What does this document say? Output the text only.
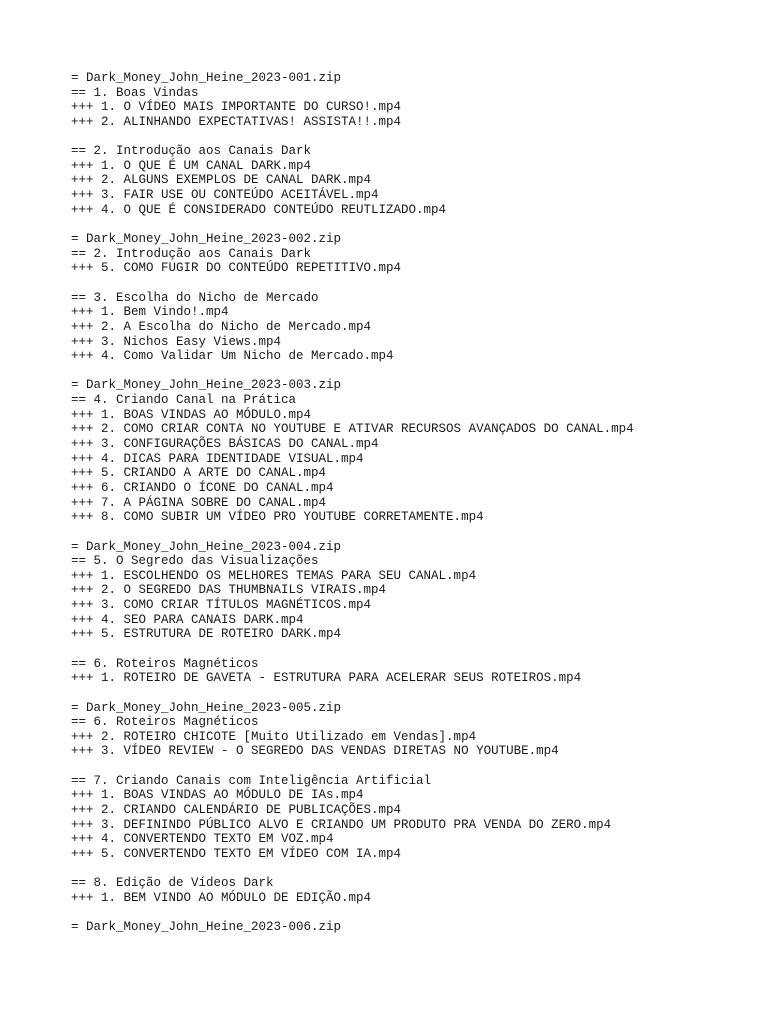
= Dark_Money_John_Heine_2023-001.zip
== 1. Boas Vindas
+++ 1. O VÍDEO MAIS IMPORTANTE DO CURSO!.mp4
+++ 2. ALINHANDO EXPECTATIVAS! ASSISTA!!.mp4
== 2. Introdução aos Canais Dark
+++ 1. O QUE É UM CANAL DARK.mp4
+++ 2. ALGUNS EXEMPLOS DE CANAL DARK.mp4
+++ 3. FAIR USE OU CONTEÚDO ACEITÁVEL.mp4
+++ 4. O QUE É CONSIDERADO CONTEÚDO REUTLIZADO.mp4
= Dark_Money_John_Heine_2023-002.zip
== 2. Introdução aos Canais Dark
+++ 5. COMO FUGIR DO CONTEÚDO REPETITIVO.mp4
== 3. Escolha do Nicho de Mercado
+++ 1. Bem Vindo!.mp4
+++ 2. A Escolha do Nicho de Mercado.mp4
+++ 3. Nichos Easy Views.mp4
+++ 4. Como Validar Um Nicho de Mercado.mp4
= Dark_Money_John_Heine_2023-003.zip
== 4. Criando Canal na Prática
+++ 1. BOAS VINDAS AO MÓDULO.mp4
+++ 2. COMO CRIAR CONTA NO YOUTUBE E ATIVAR RECURSOS AVANÇADOS DO CANAL.mp4
+++ 3. CONFIGURAÇÕES BÁSICAS DO CANAL.mp4
+++ 4. DICAS PARA IDENTIDADE VISUAL.mp4
+++ 5. CRIANDO A ARTE DO CANAL.mp4
+++ 6. CRIANDO O ÍCONE DO CANAL.mp4
+++ 7. A PÁGINA SOBRE DO CANAL.mp4
+++ 8. COMO SUBIR UM VÍDEO PRO YOUTUBE CORRETAMENTE.mp4
= Dark_Money_John_Heine_2023-004.zip
== 5. O Segredo das Visualizações
+++ 1. ESCOLHENDO OS MELHORES TEMAS PARA SEU CANAL.mp4
+++ 2. O SEGREDO DAS THUMBNAILS VIRAIS.mp4
+++ 3. COMO CRIAR TÍTULOS MAGNÉTICOS.mp4
+++ 4. SEO PARA CANAIS DARK.mp4
+++ 5. ESTRUTURA DE ROTEIRO DARK.mp4
== 6. Roteiros Magnéticos
+++ 1. ROTEIRO DE GAVETA - ESTRUTURA PARA ACELERAR SEUS ROTEIROS.mp4
= Dark_Money_John_Heine_2023-005.zip
== 6. Roteiros Magnéticos
+++ 2. ROTEIRO CHICOTE [Muito Utilizado em Vendas].mp4
+++ 3. VÍDEO REVIEW - O SEGREDO DAS VENDAS DIRETAS NO YOUTUBE.mp4
== 7. Criando Canais com Inteligência Artificial
+++ 1. BOAS VINDAS AO MÓDULO DE IAs.mp4
+++ 2. CRIANDO CALENDÁRIO DE PUBLICAÇÕES.mp4
+++ 3. DEFININDO PÚBLICO ALVO E CRIANDO UM PRODUTO PRA VENDA DO ZERO.mp4
+++ 4. CONVERTENDO TEXTO EM VOZ.mp4
+++ 5. CONVERTENDO TEXTO EM VÍDEO COM IA.mp4
== 8. Edição de Vídeos Dark
+++ 1. BEM VINDO AO MÓDULO DE EDIÇÃO.mp4
= Dark_Money_John_Heine_2023-006.zip
